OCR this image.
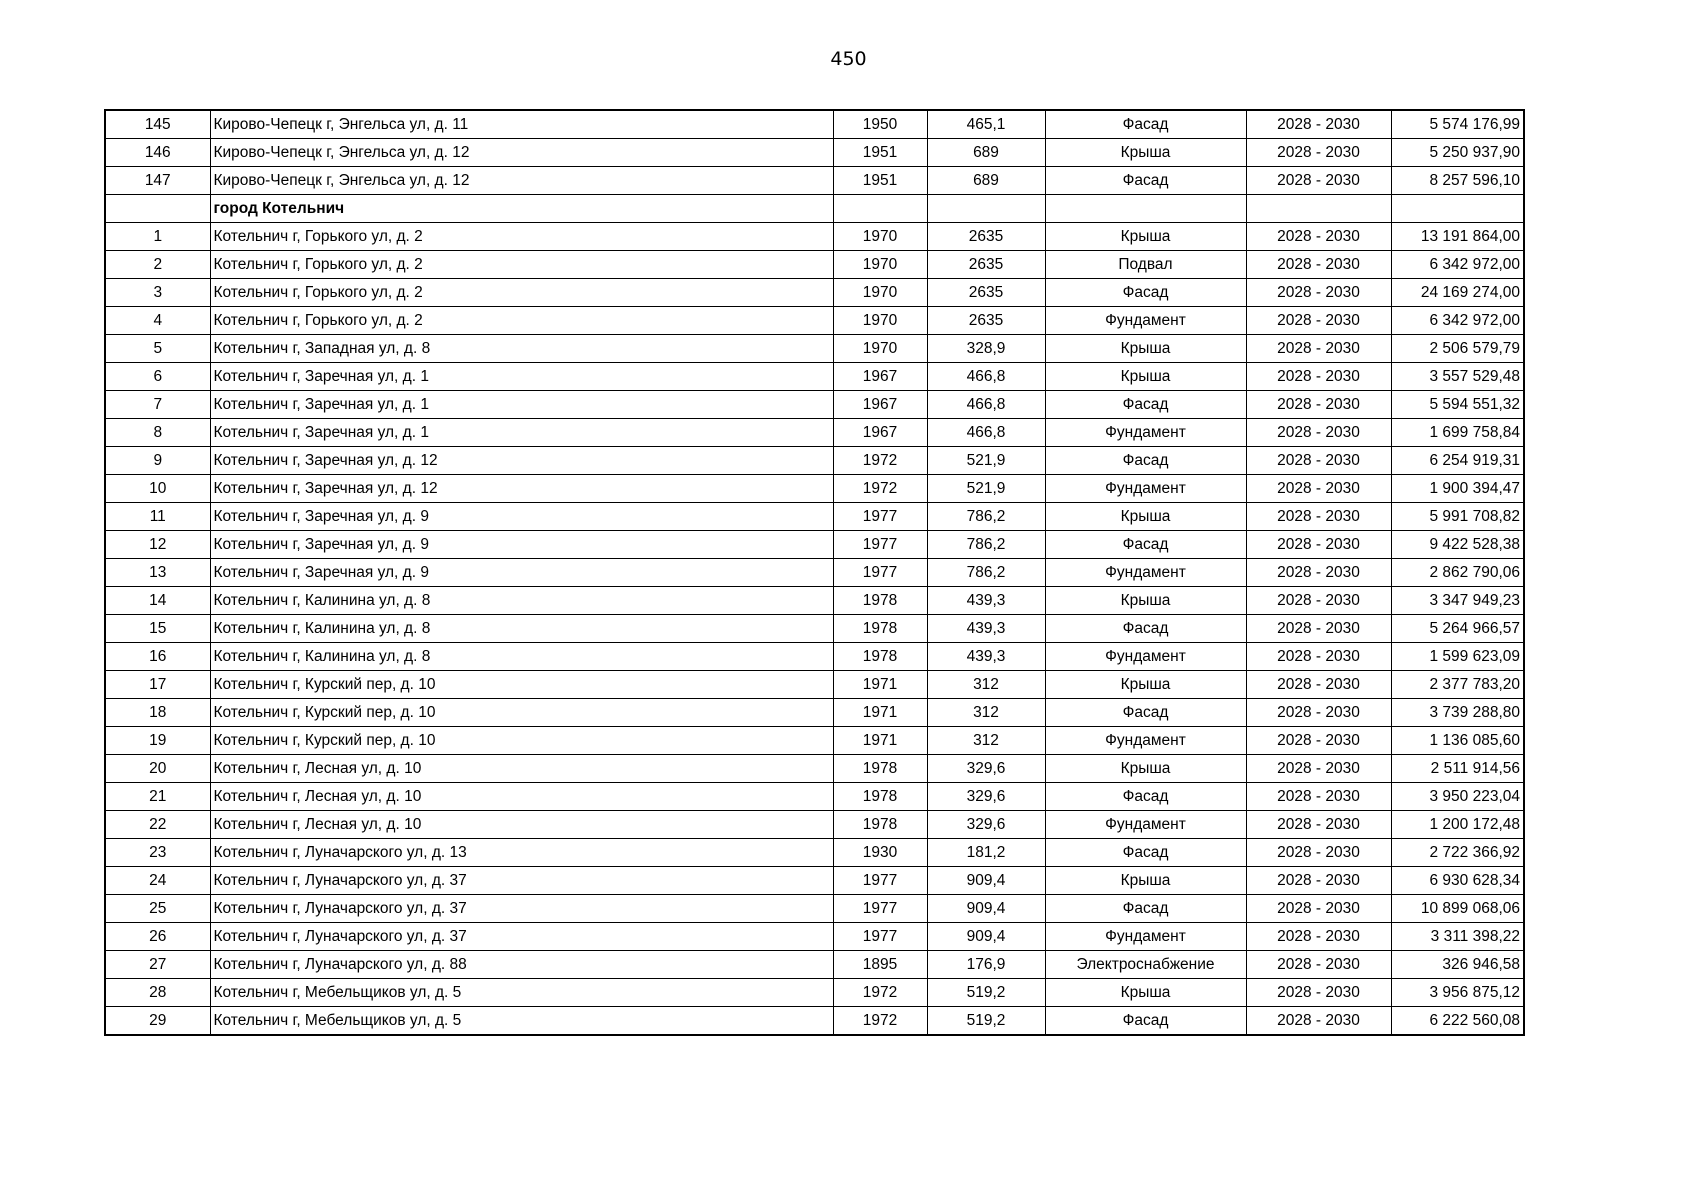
450
145	Кирово-Чепецк г, Энгельса ул, д. 11	1950	465,1	Фасад	2028 - 2030	5 574 176,99
146	Кирово-Чепецк г, Энгельса ул, д. 12	1951	689	Крыша	2028 - 2030	5 250 937,90
147	Кирово-Чепецк г, Энгельса ул, д. 12	1951	689	Фасад	2028 - 2030	8 257 596,10
	город Котельнич					
1	Котельнич г, Горького ул, д. 2	1970	2635	Крыша	2028 - 2030	13 191 864,00
2	Котельнич г, Горького ул, д. 2	1970	2635	Подвал	2028 - 2030	6 342 972,00
3	Котельнич г, Горького ул, д. 2	1970	2635	Фасад	2028 - 2030	24 169 274,00
4	Котельнич г, Горького ул, д. 2	1970	2635	Фундамент	2028 - 2030	6 342 972,00
5	Котельнич г, Западная ул, д. 8	1970	328,9	Крыша	2028 - 2030	2 506 579,79
6	Котельнич г, Заречная ул, д. 1	1967	466,8	Крыша	2028 - 2030	3 557 529,48
7	Котельнич г, Заречная ул, д. 1	1967	466,8	Фасад	2028 - 2030	5 594 551,32
8	Котельнич г, Заречная ул, д. 1	1967	466,8	Фундамент	2028 - 2030	1 699 758,84
9	Котельнич г, Заречная ул, д. 12	1972	521,9	Фасад	2028 - 2030	6 254 919,31
10	Котельнич г, Заречная ул, д. 12	1972	521,9	Фундамент	2028 - 2030	1 900 394,47
11	Котельнич г, Заречная ул, д. 9	1977	786,2	Крыша	2028 - 2030	5 991 708,82
12	Котельнич г, Заречная ул, д. 9	1977	786,2	Фасад	2028 - 2030	9 422 528,38
13	Котельнич г, Заречная ул, д. 9	1977	786,2	Фундамент	2028 - 2030	2 862 790,06
14	Котельнич г, Калинина ул, д. 8	1978	439,3	Крыша	2028 - 2030	3 347 949,23
15	Котельнич г, Калинина ул, д. 8	1978	439,3	Фасад	2028 - 2030	5 264 966,57
16	Котельнич г, Калинина ул, д. 8	1978	439,3	Фундамент	2028 - 2030	1 599 623,09
17	Котельнич г, Курский пер, д. 10	1971	312	Крыша	2028 - 2030	2 377 783,20
18	Котельнич г, Курский пер, д. 10	1971	312	Фасад	2028 - 2030	3 739 288,80
19	Котельнич г, Курский пер, д. 10	1971	312	Фундамент	2028 - 2030	1 136 085,60
20	Котельнич г, Лесная ул, д. 10	1978	329,6	Крыша	2028 - 2030	2 511 914,56
21	Котельнич г, Лесная ул, д. 10	1978	329,6	Фасад	2028 - 2030	3 950 223,04
22	Котельнич г, Лесная ул, д. 10	1978	329,6	Фундамент	2028 - 2030	1 200 172,48
23	Котельнич г, Луначарского ул, д. 13	1930	181,2	Фасад	2028 - 2030	2 722 366,92
24	Котельнич г, Луначарского ул, д. 37	1977	909,4	Крыша	2028 - 2030	6 930 628,34
25	Котельнич г, Луначарского ул, д. 37	1977	909,4	Фасад	2028 - 2030	10 899 068,06
26	Котельнич г, Луначарского ул, д. 37	1977	909,4	Фундамент	2028 - 2030	3 311 398,22
27	Котельнич г, Луначарского ул, д. 88	1895	176,9	Электроснабжение	2028 - 2030	326 946,58
28	Котельнич г, Мебельщиков ул, д. 5	1972	519,2	Крыша	2028 - 2030	3 956 875,12
29	Котельнич г, Мебельщиков ул, д. 5	1972	519,2	Фасад	2028 - 2030	6 222 560,08
